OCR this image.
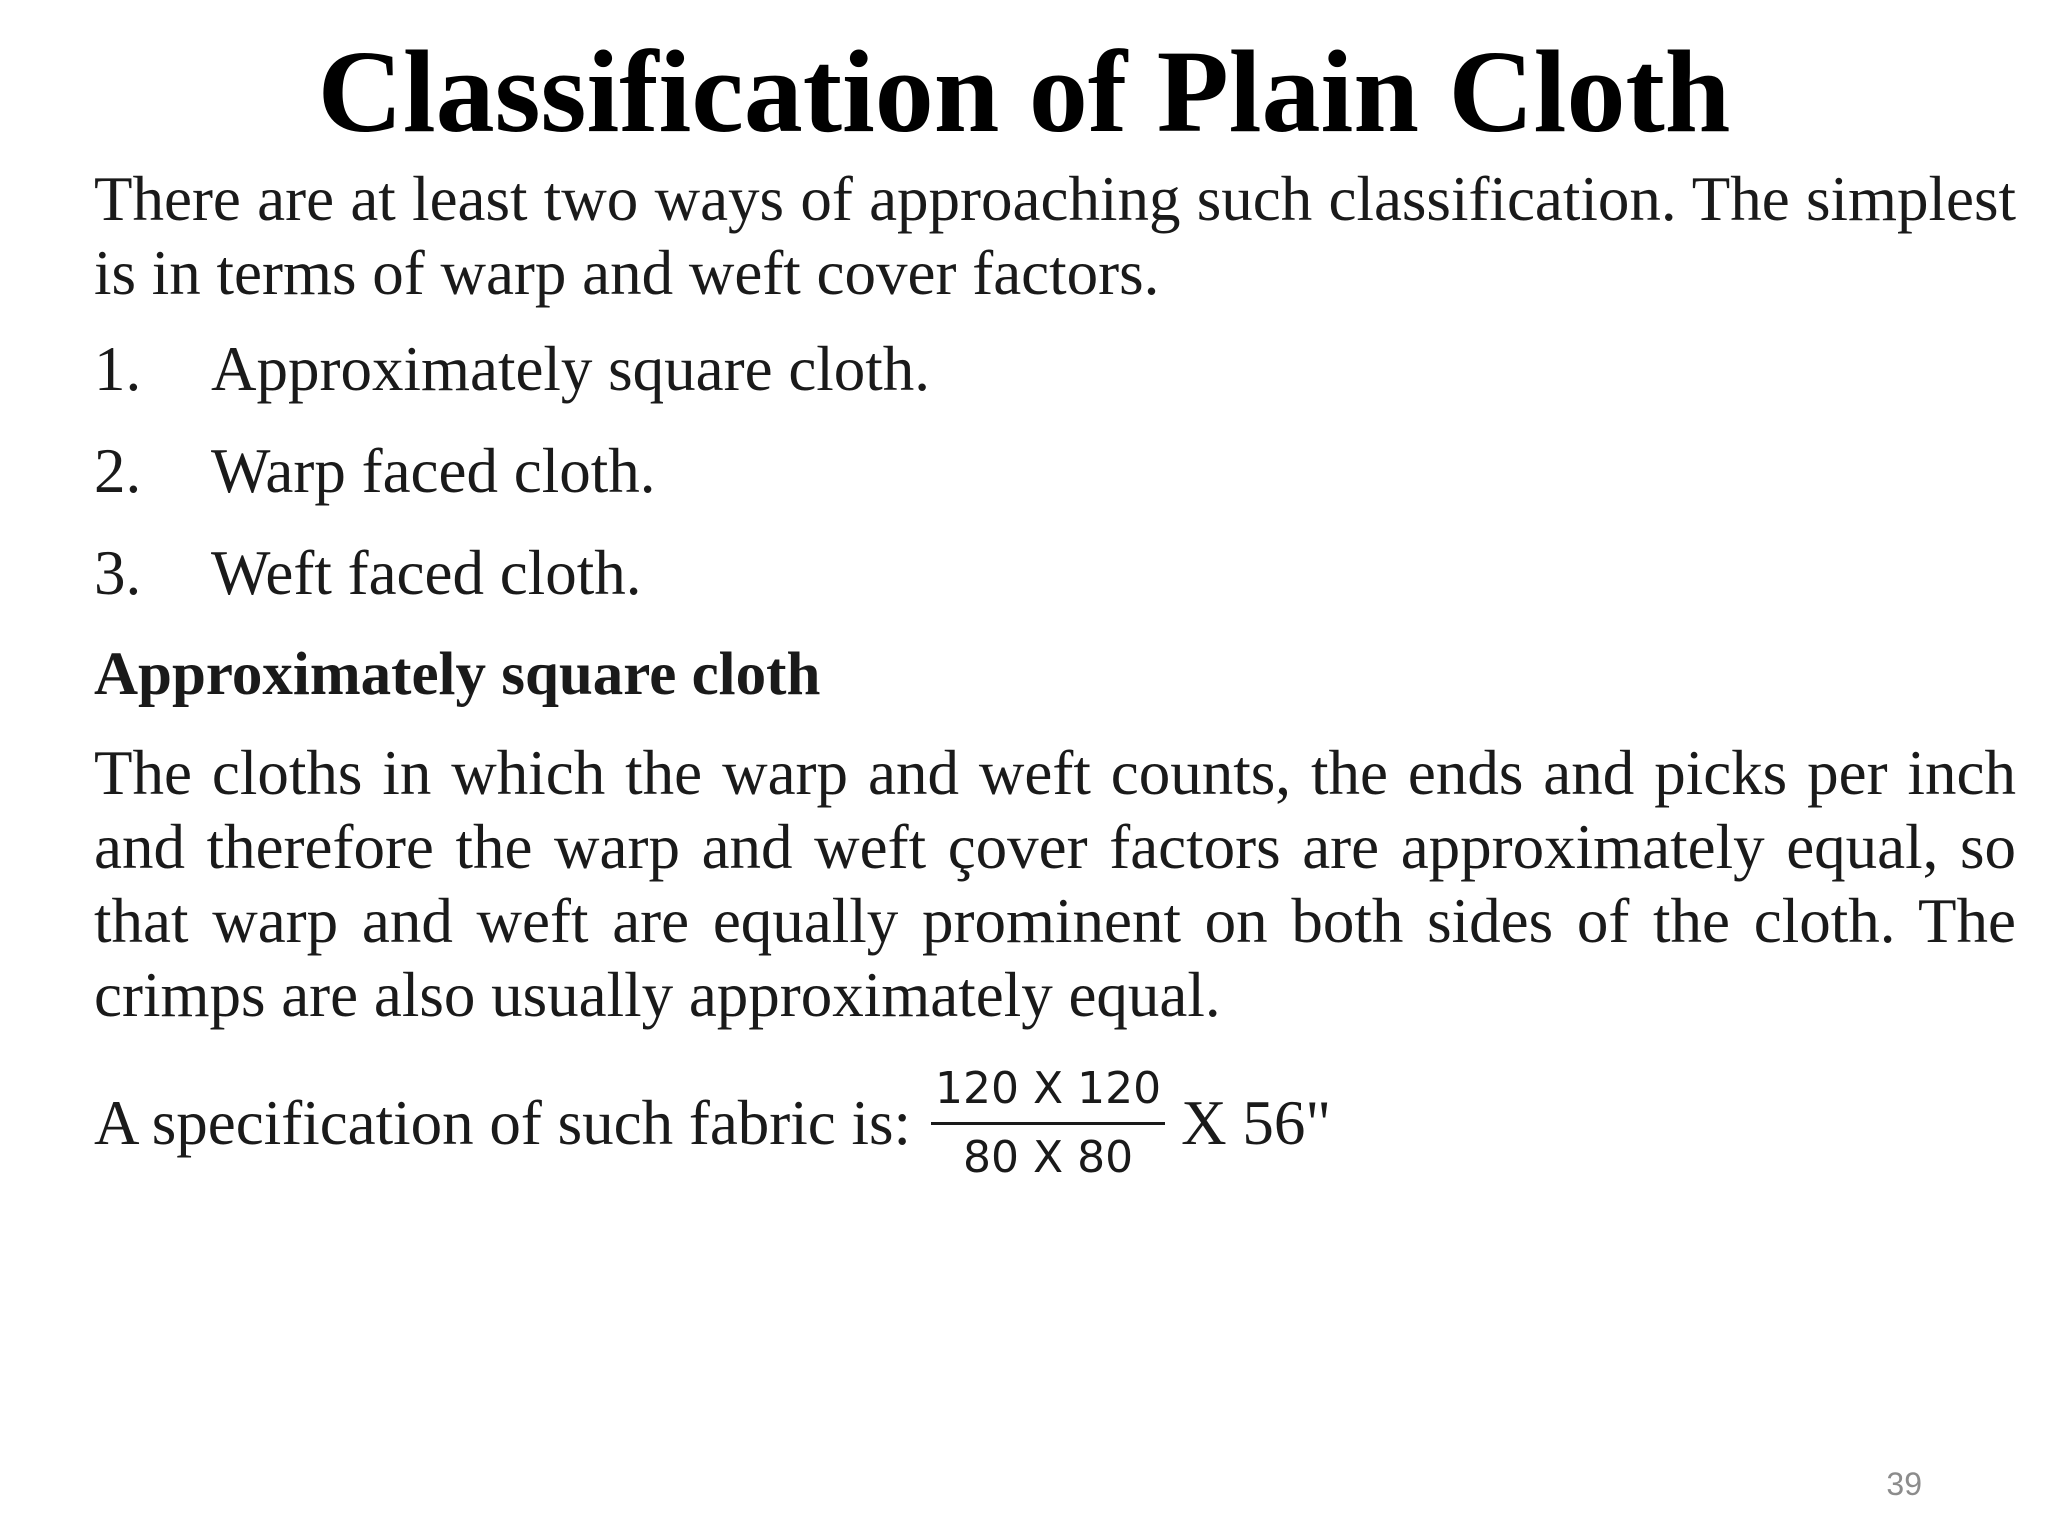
Classification of Plain Cloth

There are at least two ways of approaching such classification. The simplest is in terms of warp and weft cover factors.

1.	Approximately square cloth.
2.	Warp faced cloth.
3.	Weft faced cloth.

Approximately square cloth

The cloths in which the warp and weft counts, the ends and picks per inch and therefore the warp and weft çover factors are approximately equal, so that warp and weft are equally prominent on both sides of the cloth. The crimps are also usually approximately equal.

A specification of such fabric is: $\frac{120 X 120}{80 X 80}$ X 56"
39
